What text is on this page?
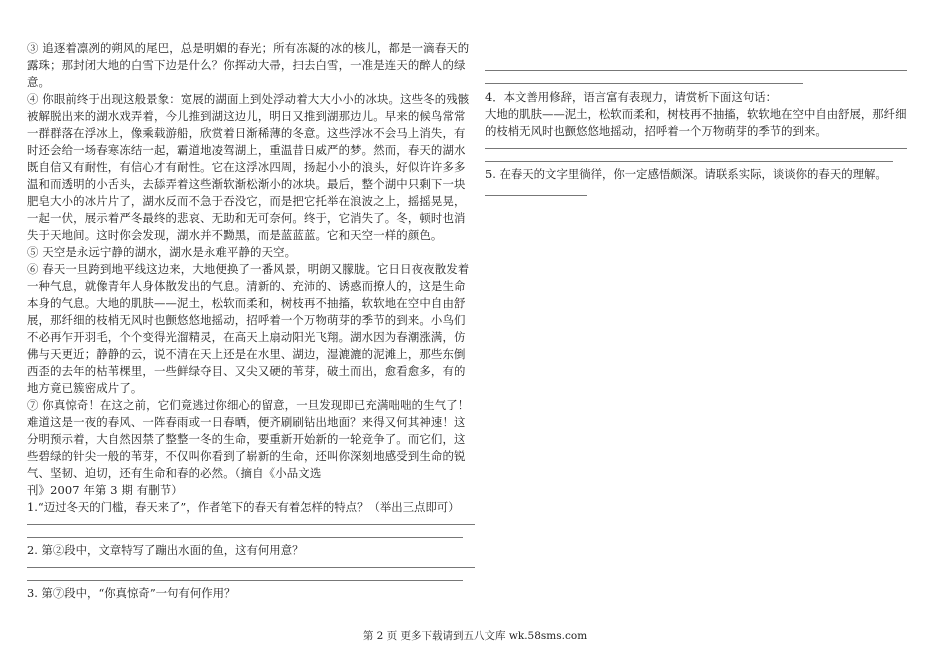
③ 追逐着凛冽的朔风的尾巴，总是明媚的春光；所有冻凝的冰的核儿，都是一滴春天的露珠；那封闭大地的白雪下边是什么？你挥动大帚，扫去白雪，一准是连天的醉人的绿意。

④ 你眼前终于出现这般景象：宽展的湖面上到处浮动着大大小小的冰块。这些冬的残骸被解脱出来的湖水戏弄着，今儿推到湖这边儿，明日又推到湖那边儿。早来的候鸟常常一群群落在浮冰上，像乘载游船，欣赏着日渐稀薄的冬意。这些浮冰不会马上消失，有时还会给一场春寒冻结一起，霸道地凌驾湖上，重温昔日威严的梦。然而，春天的湖水既自信又有耐性，有信心才有耐性。它在这浮冰四周，扬起小小的浪头，好似许许多多温和而透明的小舌头，去舔弄着这些渐软渐松渐小的冰块。最后，整个湖中只剩下一块肥皂大小的冰片片了，湖水反而不急于吞没它，而是把它托举在浪波之上，摇摇晃晃，一起一伏，展示着严冬最终的悲哀、无助和无可奈何。终于，它消失了。冬，顿时也消失于天地间。这时你会发现，湖水并不黝黑，而是蓝蓝蓝。它和天空一样的颜色。

⑤ 天空是永远宁静的湖水，湖水是永难平静的天空。

⑥ 春天一旦跨到地平线这边来，大地便换了一番风景，明朗又朦胧。它日日夜夜散发着一种气息，就像青年人身体散发出的气息。清新的、充沛的、诱惑而撩人的，这是生命本身的气息。大地的肌肤——泥土，松软而柔和，树枝再不抽搐，软软地在空中自由舒展，那纤细的枝梢无风时也颤悠悠地摇动，招呼着一个万物萌芽的季节的到来。小鸟们不必再乍开羽毛，个个变得光溜精灵，在高天上扇动阳光飞翔。湖水因为春潮涨满，仿佛与天更近；静静的云，说不清在天上还是在水里、湖边，湿漉漉的泥滩上，那些东倒西歪的去年的枯苇棵里，一些鲜绿夺目、又尖又硬的苇芽，破土而出，愈看愈多，有的地方竟已簇密成片了。

⑦ 你真惊奇！在这之前，它们竟逃过你细心的留意，一旦发现即已充满咄咄的生气了！难道这是一夜的春风、一阵春雨或一日春晒，便齐刷刷钻出地面？来得又何其神速！这分明预示着，大自然因禁了整整一冬的生命，要重新开始新的一轮竞争了。而它们，这些碧绿的针尖一般的苇芽，不仅叫你看到了崭新的生命，还叫你深刻地感受到生命的锐气、坚韧、迫切，还有生命和春的必然。（摘自《小品文选

刊》2007 年第 3 期 有删节）

1.“迈过冬天的门槛，春天来了”，作者笔下的春天有着怎样的特点？（举出三点即可）

2. 第②段中，文章特写了蹦出水面的鱼，这有何用意？

3. 第⑦段中，“你真惊奇”一句有何作用？

4．本文善用修辞，语言富有表现力，请赏析下面这句话：

大地的肌肤——泥土，松软而柔和，树枝再不抽搐，软软地在空中自由舒展，那纤细的枝梢无风时也颤悠悠地摇动，招呼着一个万物萌芽的季节的到来。

5. 在春天的文字里徜徉，你一定感悟颇深。请联系实际，谈谈你的春天的理解。

第 2 页 更多下载请到五八文库 wk.58sms.com
